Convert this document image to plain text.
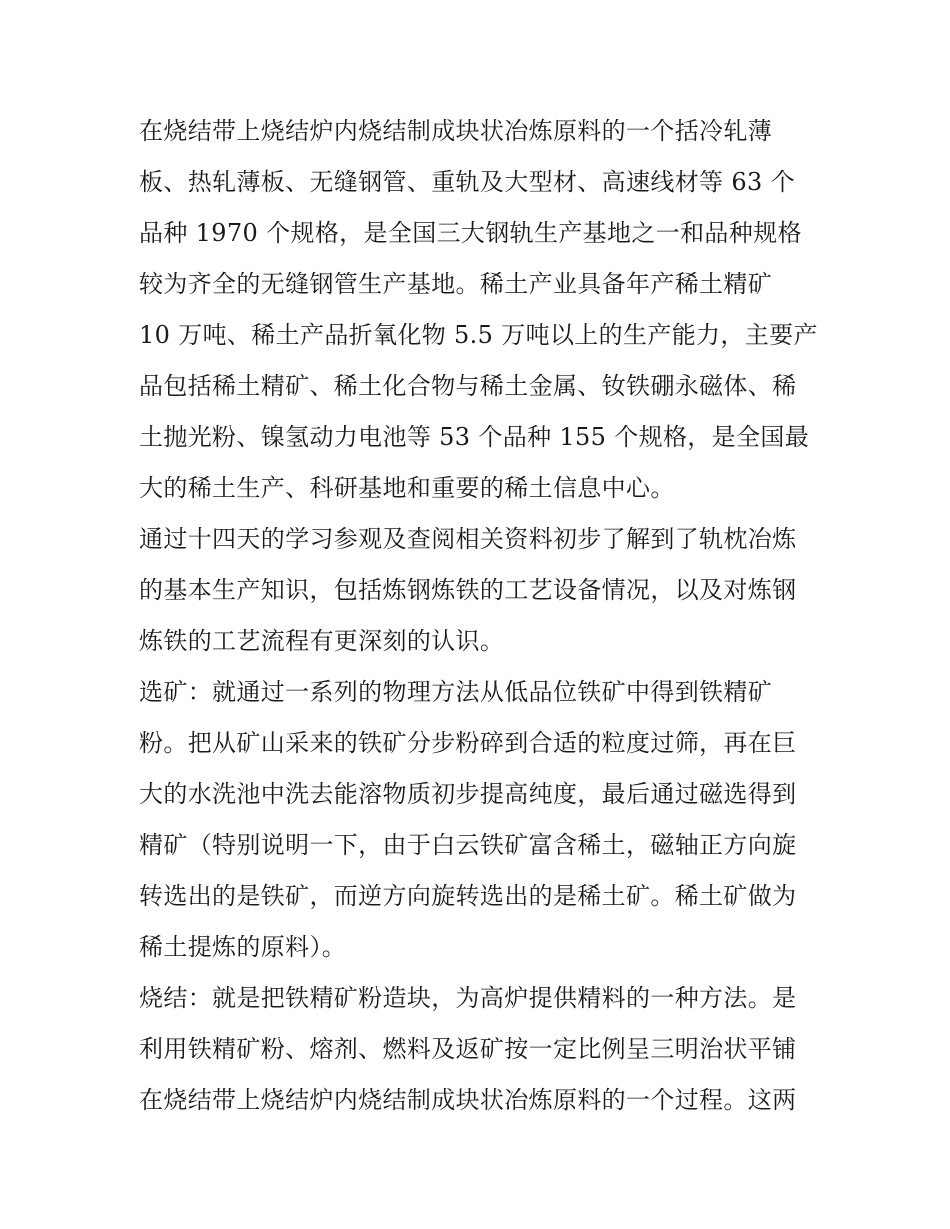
在烧结带上烧结炉内烧结制成块状冶炼原料的一个括冷轧薄
板、热轧薄板、无缝钢管、重轨及大型材、高速线材等 63 个
品种 1970 个规格，是全国三大钢轨生产基地之一和品种规格
较为齐全的无缝钢管生产基地。稀土产业具备年产稀土精矿
10 万吨、稀土产品折氧化物 5.5 万吨以上的生产能力，主要产
品包括稀土精矿、稀土化合物与稀土金属、钕铁硼永磁体、稀
土抛光粉、镍氢动力电池等 53 个品种 155 个规格，是全国最
大的稀土生产、科研基地和重要的稀土信息中心。
通过十四天的学习参观及查阅相关资料初步了解到了轨枕冶炼
的基本生产知识，包括炼钢炼铁的工艺设备情况，以及对炼钢
炼铁的工艺流程有更深刻的认识。
选矿：就通过一系列的物理方法从低品位铁矿中得到铁精矿
粉。把从矿山采来的铁矿分步粉碎到合适的粒度过筛，再在巨
大的水洗池中洗去能溶物质初步提高纯度，最后通过磁选得到
精矿（特别说明一下，由于白云铁矿富含稀土，磁轴正方向旋
转选出的是铁矿，而逆方向旋转选出的是稀土矿。稀土矿做为
稀土提炼的原料）。
烧结：就是把铁精矿粉造块，为高炉提供精料的一种方法。是
利用铁精矿粉、熔剂、燃料及返矿按一定比例呈三明治状平铺
在烧结带上烧结炉内烧结制成块状冶炼原料的一个过程。这两
